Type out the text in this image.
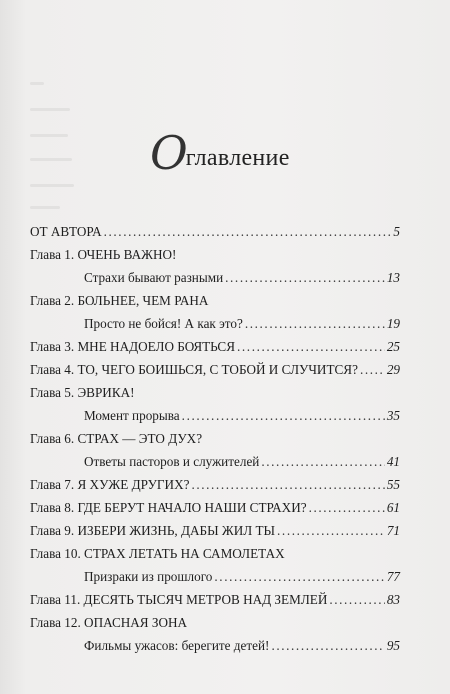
О
главление
ОТ АВТОРА .....	5
Глава 1. ОЧЕНЬ ВАЖНО!
Страхи бывают разными .....	13
Глава 2. БОЛЬНЕЕ, ЧЕМ РАНА
Просто не бойся! А как это? .....	19
Глава 3. МНЕ НАДОЕЛО БОЯТЬСЯ .....	25
Глава 4. ТО, ЧЕГО БОИШЬСЯ, С ТОБОЙ И СЛУЧИТСЯ? ..... 29
Глава 5. ЭВРИКА!
Момент прорыва .....	35
Глава 6. СТРАХ — ЭТО ДУХ?
Ответы пасторов и служителей .....	41
Глава 7. Я ХУЖЕ ДРУГИХ? .....	55
Глава 8. ГДЕ БЕРУТ НАЧАЛО НАШИ СТРАХИ? .....	61
Глава 9. ИЗБЕРИ ЖИЗНЬ, ДАБЫ ЖИЛ ТЫ .....	71
Глава 10. СТРАХ ЛЕТАТЬ НА САМОЛЕТАХ
Призраки из прошлого .....	77
Глава 11. ДЕСЯТЬ ТЫСЯЧ МЕТРОВ НАД ЗЕМЛЕЙ .....	83
Глава 12. ОПАСНАЯ ЗОНА
Фильмы ужасов: берегите детей! .....	95
